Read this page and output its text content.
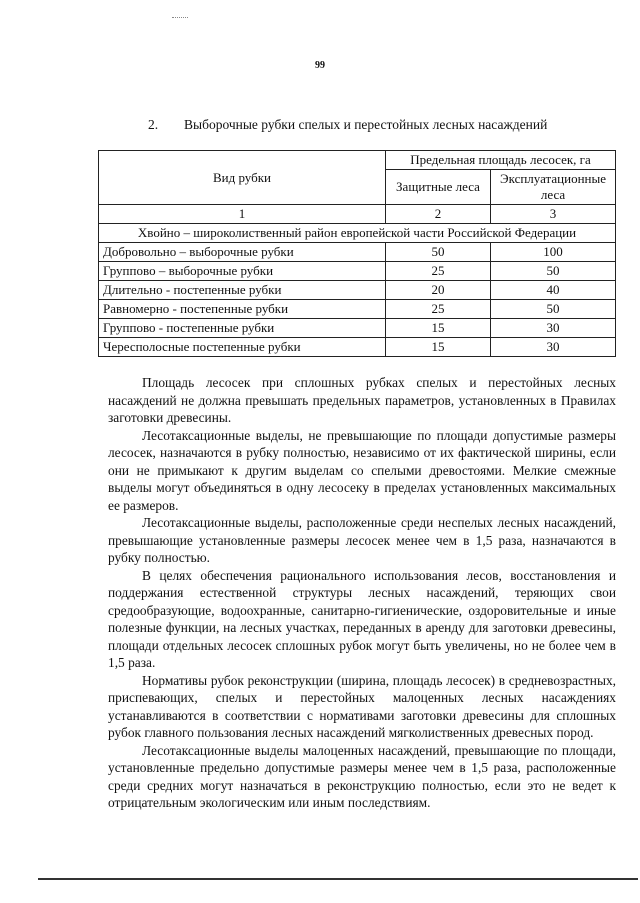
99
2. Выборочные рубки спелых и перестойных лесных насаждений
Вид рубки	Предельная площадь лесосек, га	
	Защитные леса	Эксплуатационные леса
1	2	3
Хвойно – широколиственный район европейской части Российской Федерации		
Добровольно – выборочные рубки	50	100
Групповo – выборочные рубки	25	50
Длительно - постепенные рубки	20	40
Равномерно - постепенные рубки	25	50
Группово - постепенные рубки	15	30
Чересполосные постепенные рубки	15	30

Площадь лесосек при сплошных рубках спелых и перестойных лесных насаждений не должна превышать предельных параметров, установленных в Правилах заготовки древесины.

Лесотаксационные выделы, не превышающие по площади допустимые размеры лесосек, назначаются в рубку полностью, независимо от их фактической ширины, если они не примыкают к другим выделам со спелыми древостоями. Мелкие смежные выделы могут объединяться в одну лесосеку в пределах установленных максимальных ее размеров.

Лесотаксационные выделы, расположенные среди неспелых лесных насаждений, превышающие установленные размеры лесосек менее чем в 1,5 раза, назначаются в рубку полностью.

В целях обеспечения рационального использования лесов, восстановления и поддержания естественной структуры лесных насаждений, теряющих свои средообразующие, водоохранные, санитарно-гигиенические, оздоровительные и иные полезные функции, на лесных участках, переданных в аренду для заготовки древесины, площади отдельных лесосек сплошных рубок могут быть увеличены, но не более чем в 1,5 раза.

Нормативы рубок реконструкции (ширина, площадь лесосек) в средневозрастных, приспевающих, спелых и перестойных малоценных лесных насаждениях устанавливаются в соответствии с нормативами заготовки древесины для сплошных рубок главного пользования лесных насаждений мягколиственных древесных пород.

Лесотаксационные выделы малоценных насаждений, превышающие по площади, установленные предельно допустимые размеры менее чем в 1,5 раза, расположенные среди средних могут назначаться в реконструкцию полностью, если это не ведет к отрицательным экологическим или иным последствиям.
